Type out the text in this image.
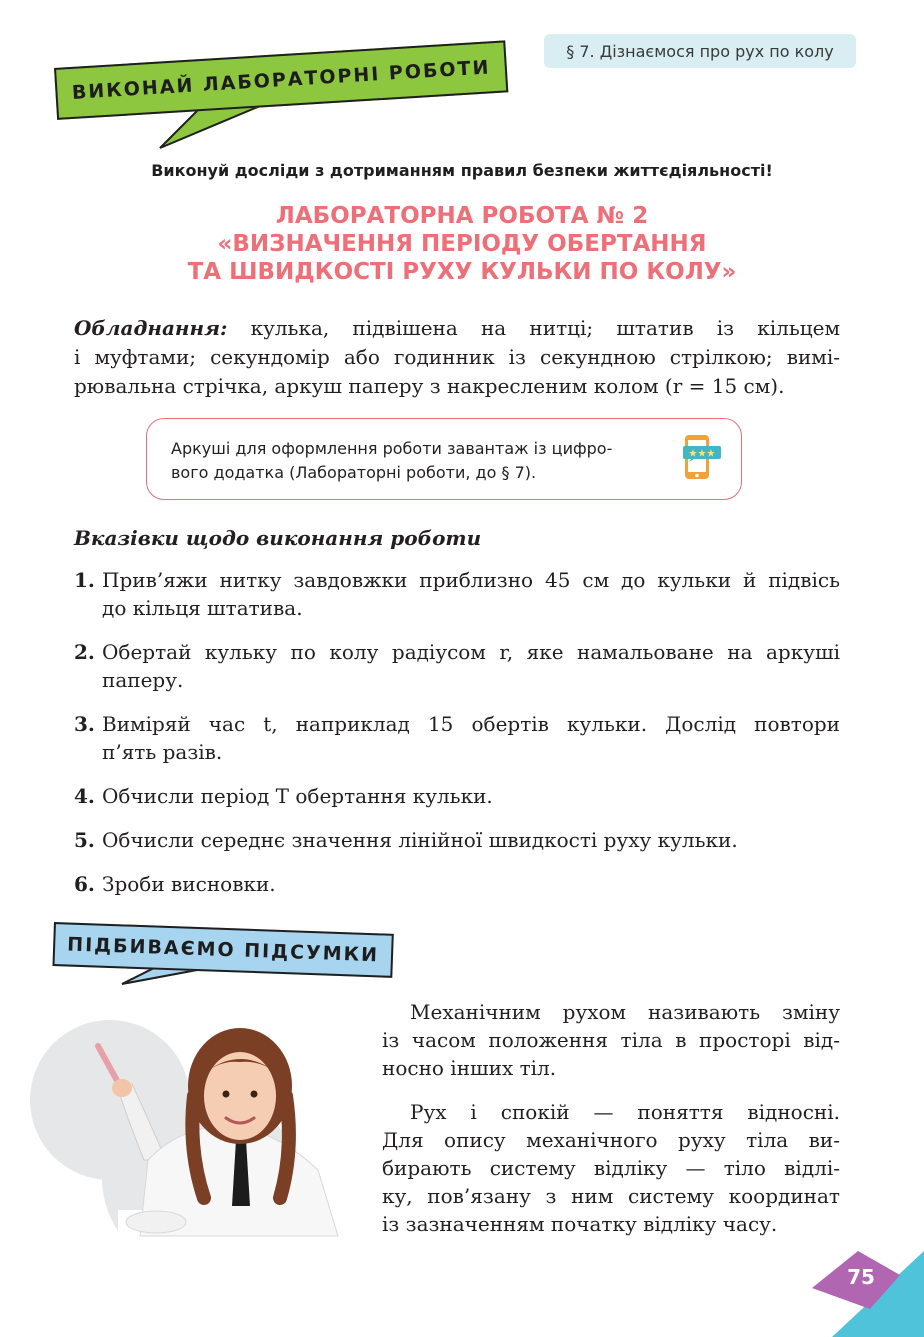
§ 7. Дізнаємося про рух по колу
ВИКОНАЙ ЛАБОРАТОРНІ РОБОТИ
Виконуй досліди з дотриманням правил безпеки життєдіяльності!
ЛАБОРАТОРНА РОБОТА № 2
«ВИЗНАЧЕННЯ ПЕРІОДУ ОБЕРТАННЯ
ТА ШВИДКОСТІ РУХУ КУЛЬКИ ПО КОЛУ»
Обладнання: кулька, підвішена на нитці; штатив із кільцем
і муфтами; секундомір або годинник із секундною стрілкою; вимі-
рювальна стрічка, аркуш паперу з накресленим колом (r = 15 см).
Аркуші для оформлення роботи завантаж із цифро-
вого додатка (Лабораторні роботи, до § 7).
★★★
Вказівки щодо виконання роботи
1. Прив’яжи нитку завдовжки приблизно 45 см до кульки й підвісь
до кільця штатива.
2. Обертай кульку по колу радіусом r, яке намальоване на аркуші
паперу.
3. Виміряй час t, наприклад 15 обертів кульки. Дослід повтори
п’ять разів.
4. Обчисли період T обертання кульки.
5. Обчисли середнє значення лінійної швидкості руху кульки.
6. Зроби висновки.
ПІДБИВАЄМО ПІДСУМКИ

Механічним рухом називають зміну
із часом положення тіла в просторі від-
носно інших тіл.

Рух і спокій — поняття відносні.
Для опису механічного руху тіла ви-
бирають систему відліку — тіло відлі-
ку, пов’язану з ним систему координат
із зазначенням початку відліку часу.

75
